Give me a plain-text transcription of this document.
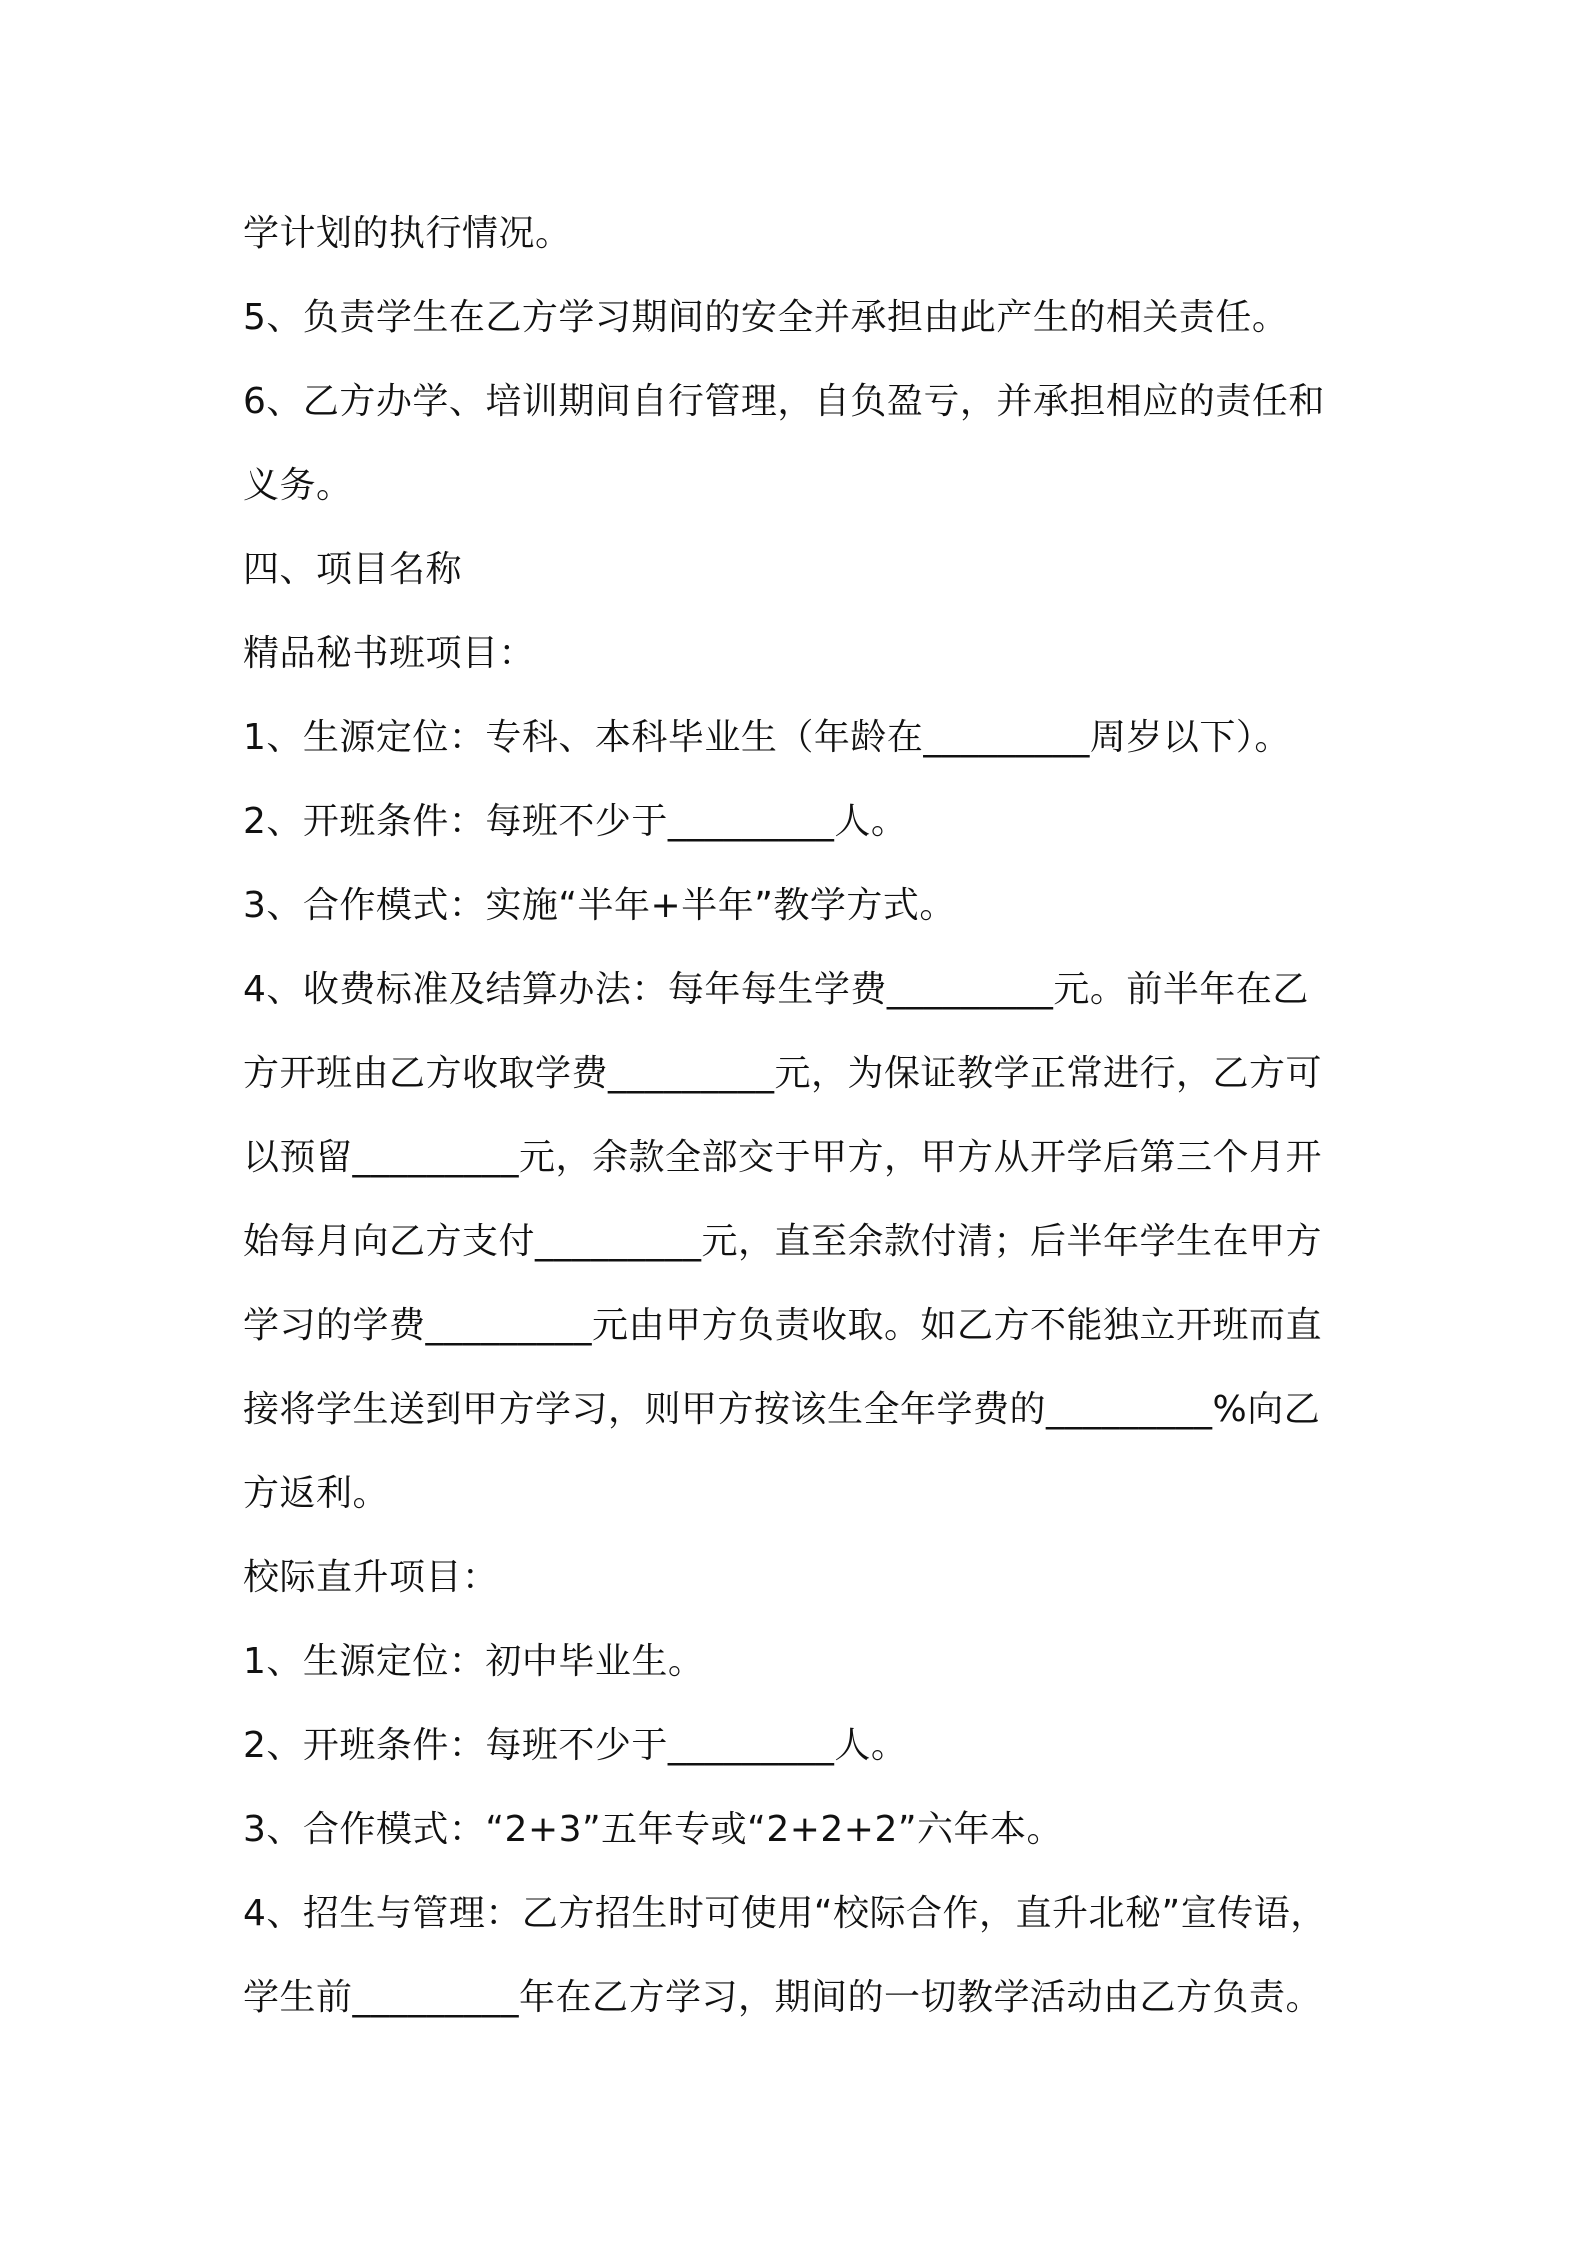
学计划的执行情况。
5、负责学生在乙方学习期间的安全并承担由此产生的相关责任。
6、乙方办学、培训期间自行管理，自负盈亏，并承担相应的责任和
义务。
四、项目名称
精品秘书班项目：
1、生源定位：专科、本科毕业生（年龄在_________周岁以下）。
2、开班条件：每班不少于_________人。
3、合作模式：实施“半年+半年”教学方式。
4、收费标准及结算办法：每年每生学费_________元。前半年在乙
方开班由乙方收取学费_________元，为保证教学正常进行，乙方可
以预留_________元，余款全部交于甲方，甲方从开学后第三个月开
始每月向乙方支付_________元，直至余款付清；后半年学生在甲方
学习的学费_________元由甲方负责收取。如乙方不能独立开班而直
接将学生送到甲方学习，则甲方按该生全年学费的_________%向乙
方返利。
校际直升项目：
1、生源定位：初中毕业生。
2、开班条件：每班不少于_________人。
3、合作模式：“2+3”五年专或“2+2+2”六年本。
4、招生与管理：乙方招生时可使用“校际合作，直升北秘”宣传语，
学生前_________年在乙方学习，期间的一切教学活动由乙方负责。
